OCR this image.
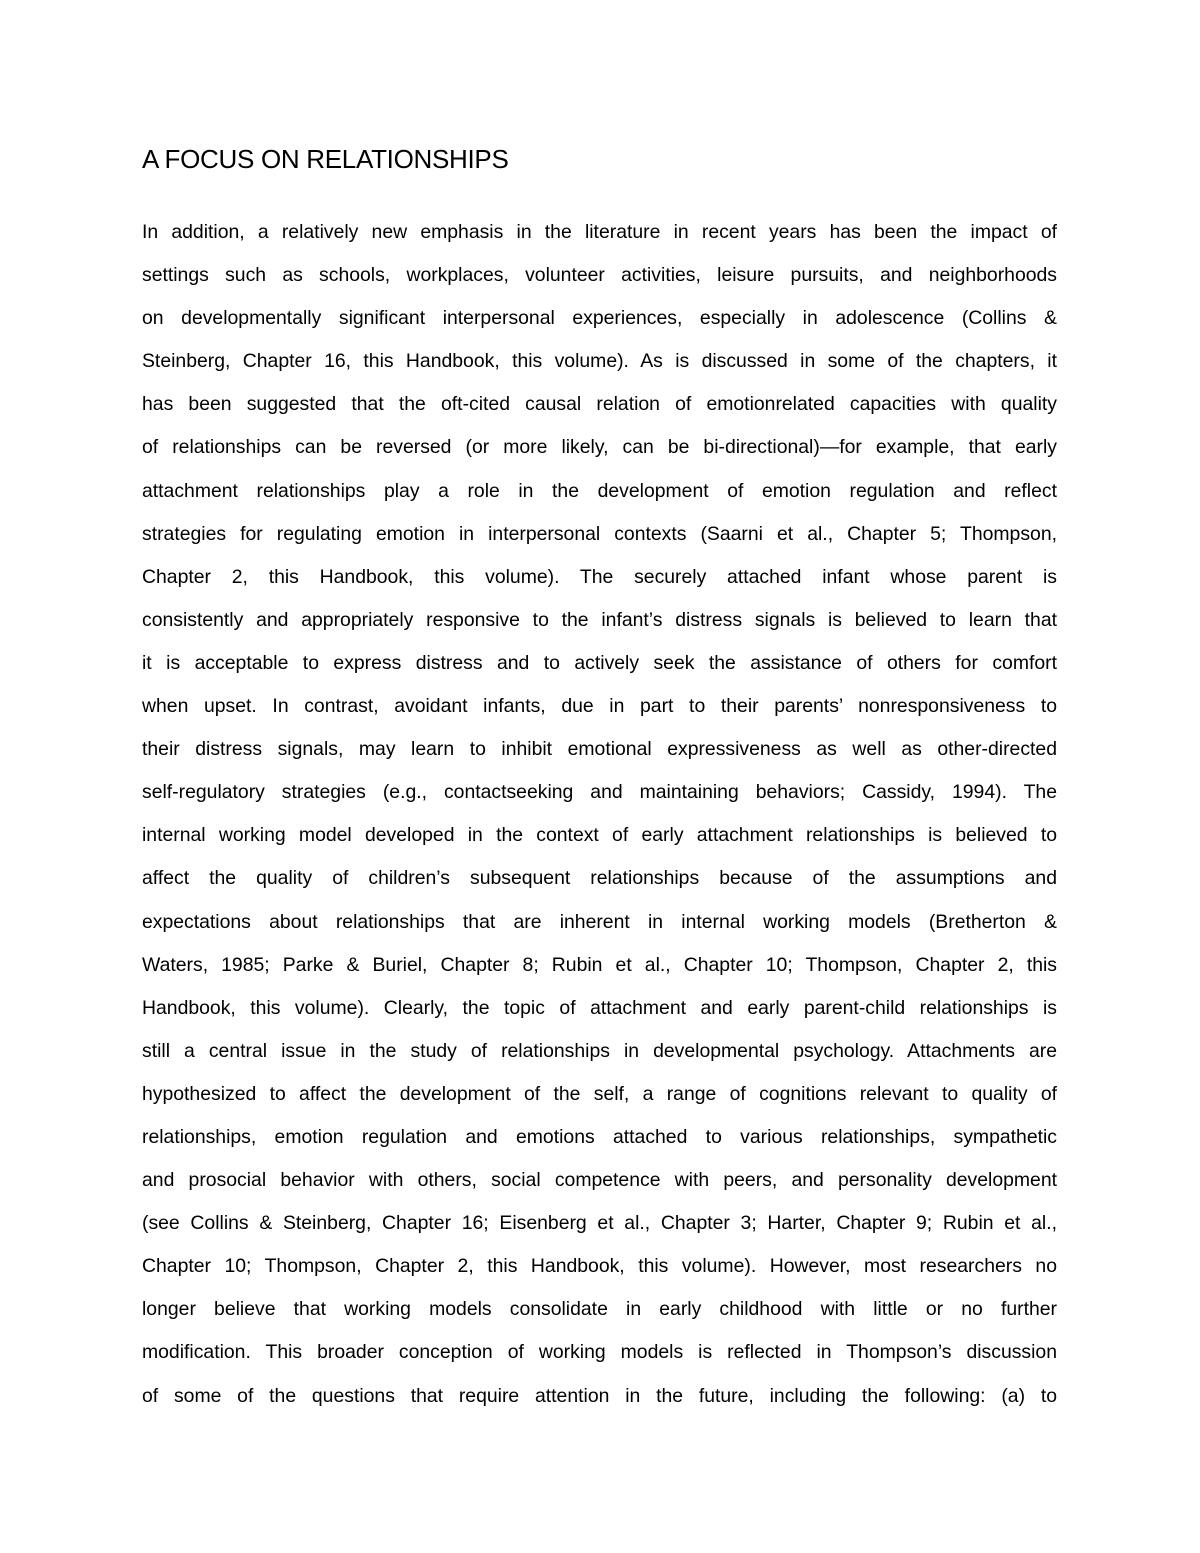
A FOCUS ON RELATIONSHIPS
In addition, a relatively new emphasis in the literature in recent years has been the impact of
settings such as schools, workplaces, volunteer activities, leisure pursuits, and neighborhoods
on developmentally significant interpersonal experiences, especially in adolescence (Collins &
Steinberg, Chapter 16, this Handbook, this volume). As is discussed in some of the chapters, it
has been suggested that the oft-cited causal relation of emotionrelated capacities with quality
of relationships can be reversed (or more likely, can be bi-directional)—for example, that early
attachment relationships play a role in the development of emotion regulation and reflect
strategies for regulating emotion in interpersonal contexts (Saarni et al., Chapter 5; Thompson,
Chapter 2, this Handbook, this volume). The securely attached infant whose parent is
consistently and appropriately responsive to the infant’s distress signals is believed to learn that
it is acceptable to express distress and to actively seek the assistance of others for comfort
when upset. In contrast, avoidant infants, due in part to their parents’ nonresponsiveness to
their distress signals, may learn to inhibit emotional expressiveness as well as other-directed
self-regulatory strategies (e.g., contactseeking and maintaining behaviors; Cassidy, 1994). The
internal working model developed in the context of early attachment relationships is believed to
affect the quality of children’s subsequent relationships because of the assumptions and
expectations about relationships that are inherent in internal working models (Bretherton &
Waters, 1985; Parke & Buriel, Chapter 8; Rubin et al., Chapter 10; Thompson, Chapter 2, this
Handbook, this volume). Clearly, the topic of attachment and early parent-child relationships is
still a central issue in the study of relationships in developmental psychology. Attachments are
hypothesized to affect the development of the self, a range of cognitions relevant to quality of
relationships, emotion regulation and emotions attached to various relationships, sympathetic
and prosocial behavior with others, social competence with peers, and personality development
(see Collins & Steinberg, Chapter 16; Eisenberg et al., Chapter 3; Harter, Chapter 9; Rubin et al.,
Chapter 10; Thompson, Chapter 2, this Handbook, this volume). However, most researchers no
longer believe that working models consolidate in early childhood with little or no further
modification. This broader conception of working models is reflected in Thompson’s discussion
of some of the questions that require attention in the future, including the following: (a) to
